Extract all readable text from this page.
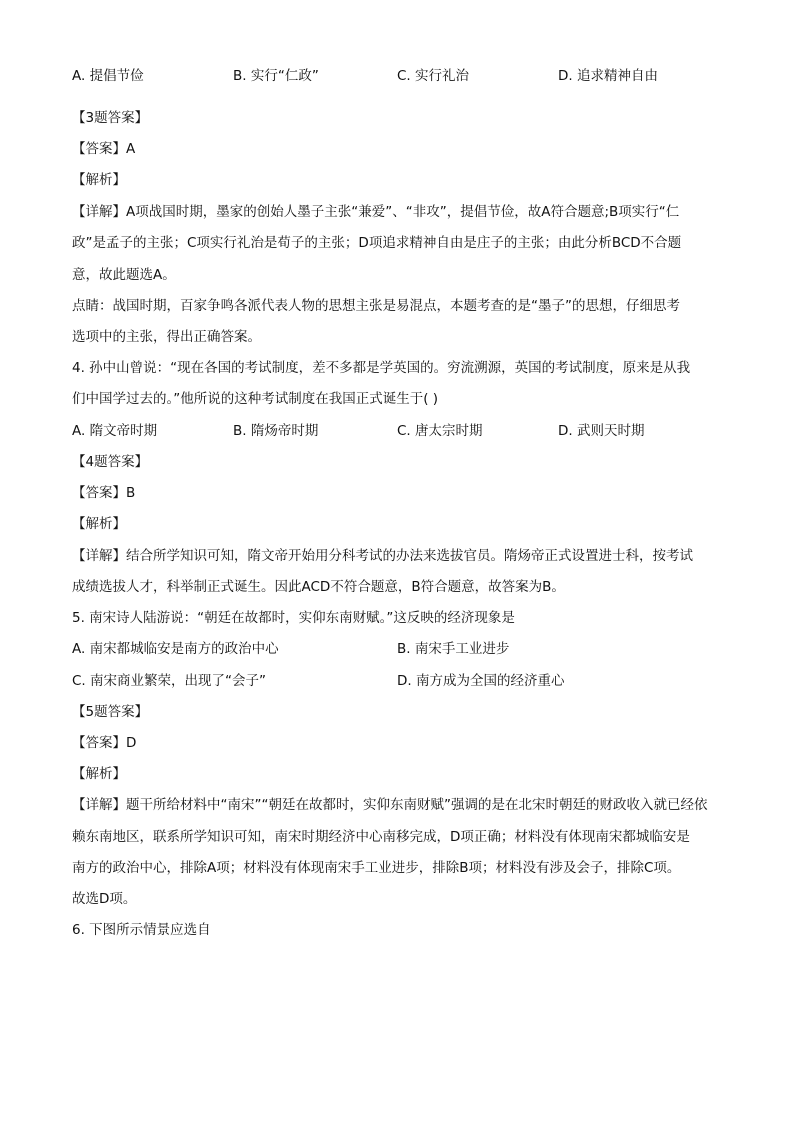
A. 提倡节俭	B. 实行“仁政”	C. 实行礼治	D. 追求精神自由
【3题答案】
【答案】A
【解析】
【详解】A项战国时期，墨家的创始人墨子主张“兼爱”、“非攻”，提倡节俭，故A符合题意;B项实行“仁
政”是孟子的主张；C项实行礼治是荀子的主张；D项追求精神自由是庄子的主张；由此分析BCD不合题
意，故此题选A。
点睛：战国时期，百家争鸣各派代表人物的思想主张是易混点，本题考查的是“墨子”的思想，仔细思考
选项中的主张，得出正确答案。
4. 孙中山曾说：“现在各国的考试制度，差不多都是学英国的。穷流溯源，英国的考试制度，原来是从我
们中国学过去的。”他所说的这种考试制度在我国正式诞生于( )
A. 隋文帝时期	B. 隋炀帝时期	C. 唐太宗时期	D. 武则天时期
【4题答案】
【答案】B
【解析】
【详解】结合所学知识可知，隋文帝开始用分科考试的办法来选拔官员。隋炀帝正式设置进士科，按考试
成绩选拔人才，科举制正式诞生。因此ACD不符合题意，B符合题意，故答案为B。
5. 南宋诗人陆游说：“朝廷在故都时，实仰东南财赋。”这反映的经济现象是
A. 南宋都城临安是南方的政治中心	B. 南宋手工业进步
C. 南宋商业繁荣，出现了“会子”	D. 南方成为全国的经济重心
【5题答案】
【答案】D
【解析】
【详解】题干所给材料中“南宋”“朝廷在故都时，实仰东南财赋”强调的是在北宋时朝廷的财政收入就已经依
赖东南地区，联系所学知识可知，南宋时期经济中心南移完成，D项正确；材料没有体现南宋都城临安是
南方的政治中心，排除A项；材料没有体现南宋手工业进步，排除B项；材料没有涉及会子，排除C项。
故选D项。
6. 下图所示情景应选自
